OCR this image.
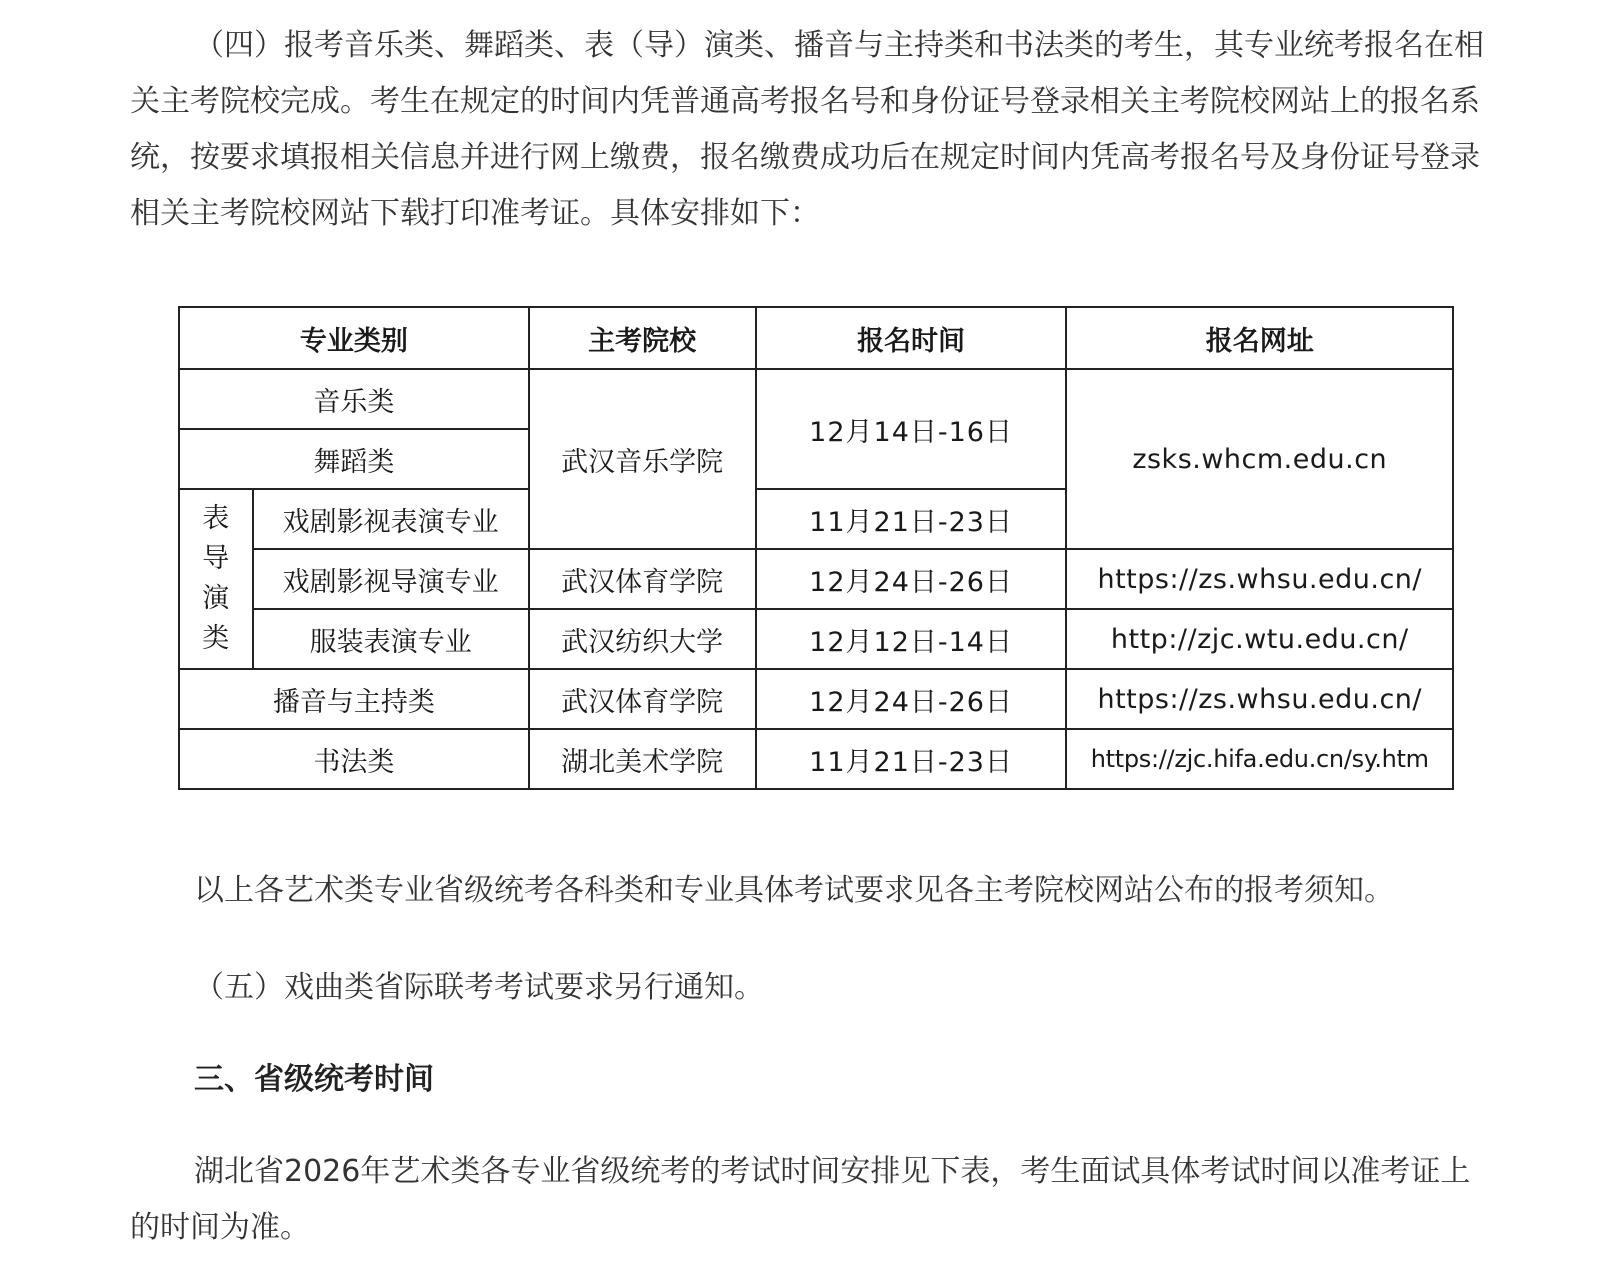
（四）报考音乐类、舞蹈类、表（导）演类、播音与主持类和书法类的考生，其专业统考报名在相关主考院校完成。考生在规定的时间内凭普通高考报名号和身份证号登录相关主考院校网站上的报名系统，按要求填报相关信息并进行网上缴费，报名缴费成功后在规定时间内凭高考报名号及身份证号登录相关主考院校网站下载打印准考证。具体安排如下：

专业类别		主考院校	报名时间	报名网址
音乐类		武汉音乐学院	12月14日-16日	zsks.whcm.edu.cn
舞蹈类				
表导演类	戏剧影视表演专业		11月21日-23日	
	戏剧影视导演专业	武汉体育学院	12月24日-26日	https://zs.whsu.edu.cn/
	服装表演专业	武汉纺织大学	12月12日-14日	http://zjc.wtu.edu.cn/
播音与主持类		武汉体育学院	12月24日-26日	https://zs.whsu.edu.cn/
书法类		湖北美术学院	11月21日-23日	https://zjc.hifa.edu.cn/sy.htm

以上各艺术类专业省级统考各科类和专业具体考试要求见各主考院校网站公布的报考须知。

（五）戏曲类省际联考考试要求另行通知。

三、省级统考时间

湖北省2026年艺术类各专业省级统考的考试时间安排见下表，考生面试具体考试时间以准考证上的时间为准。
